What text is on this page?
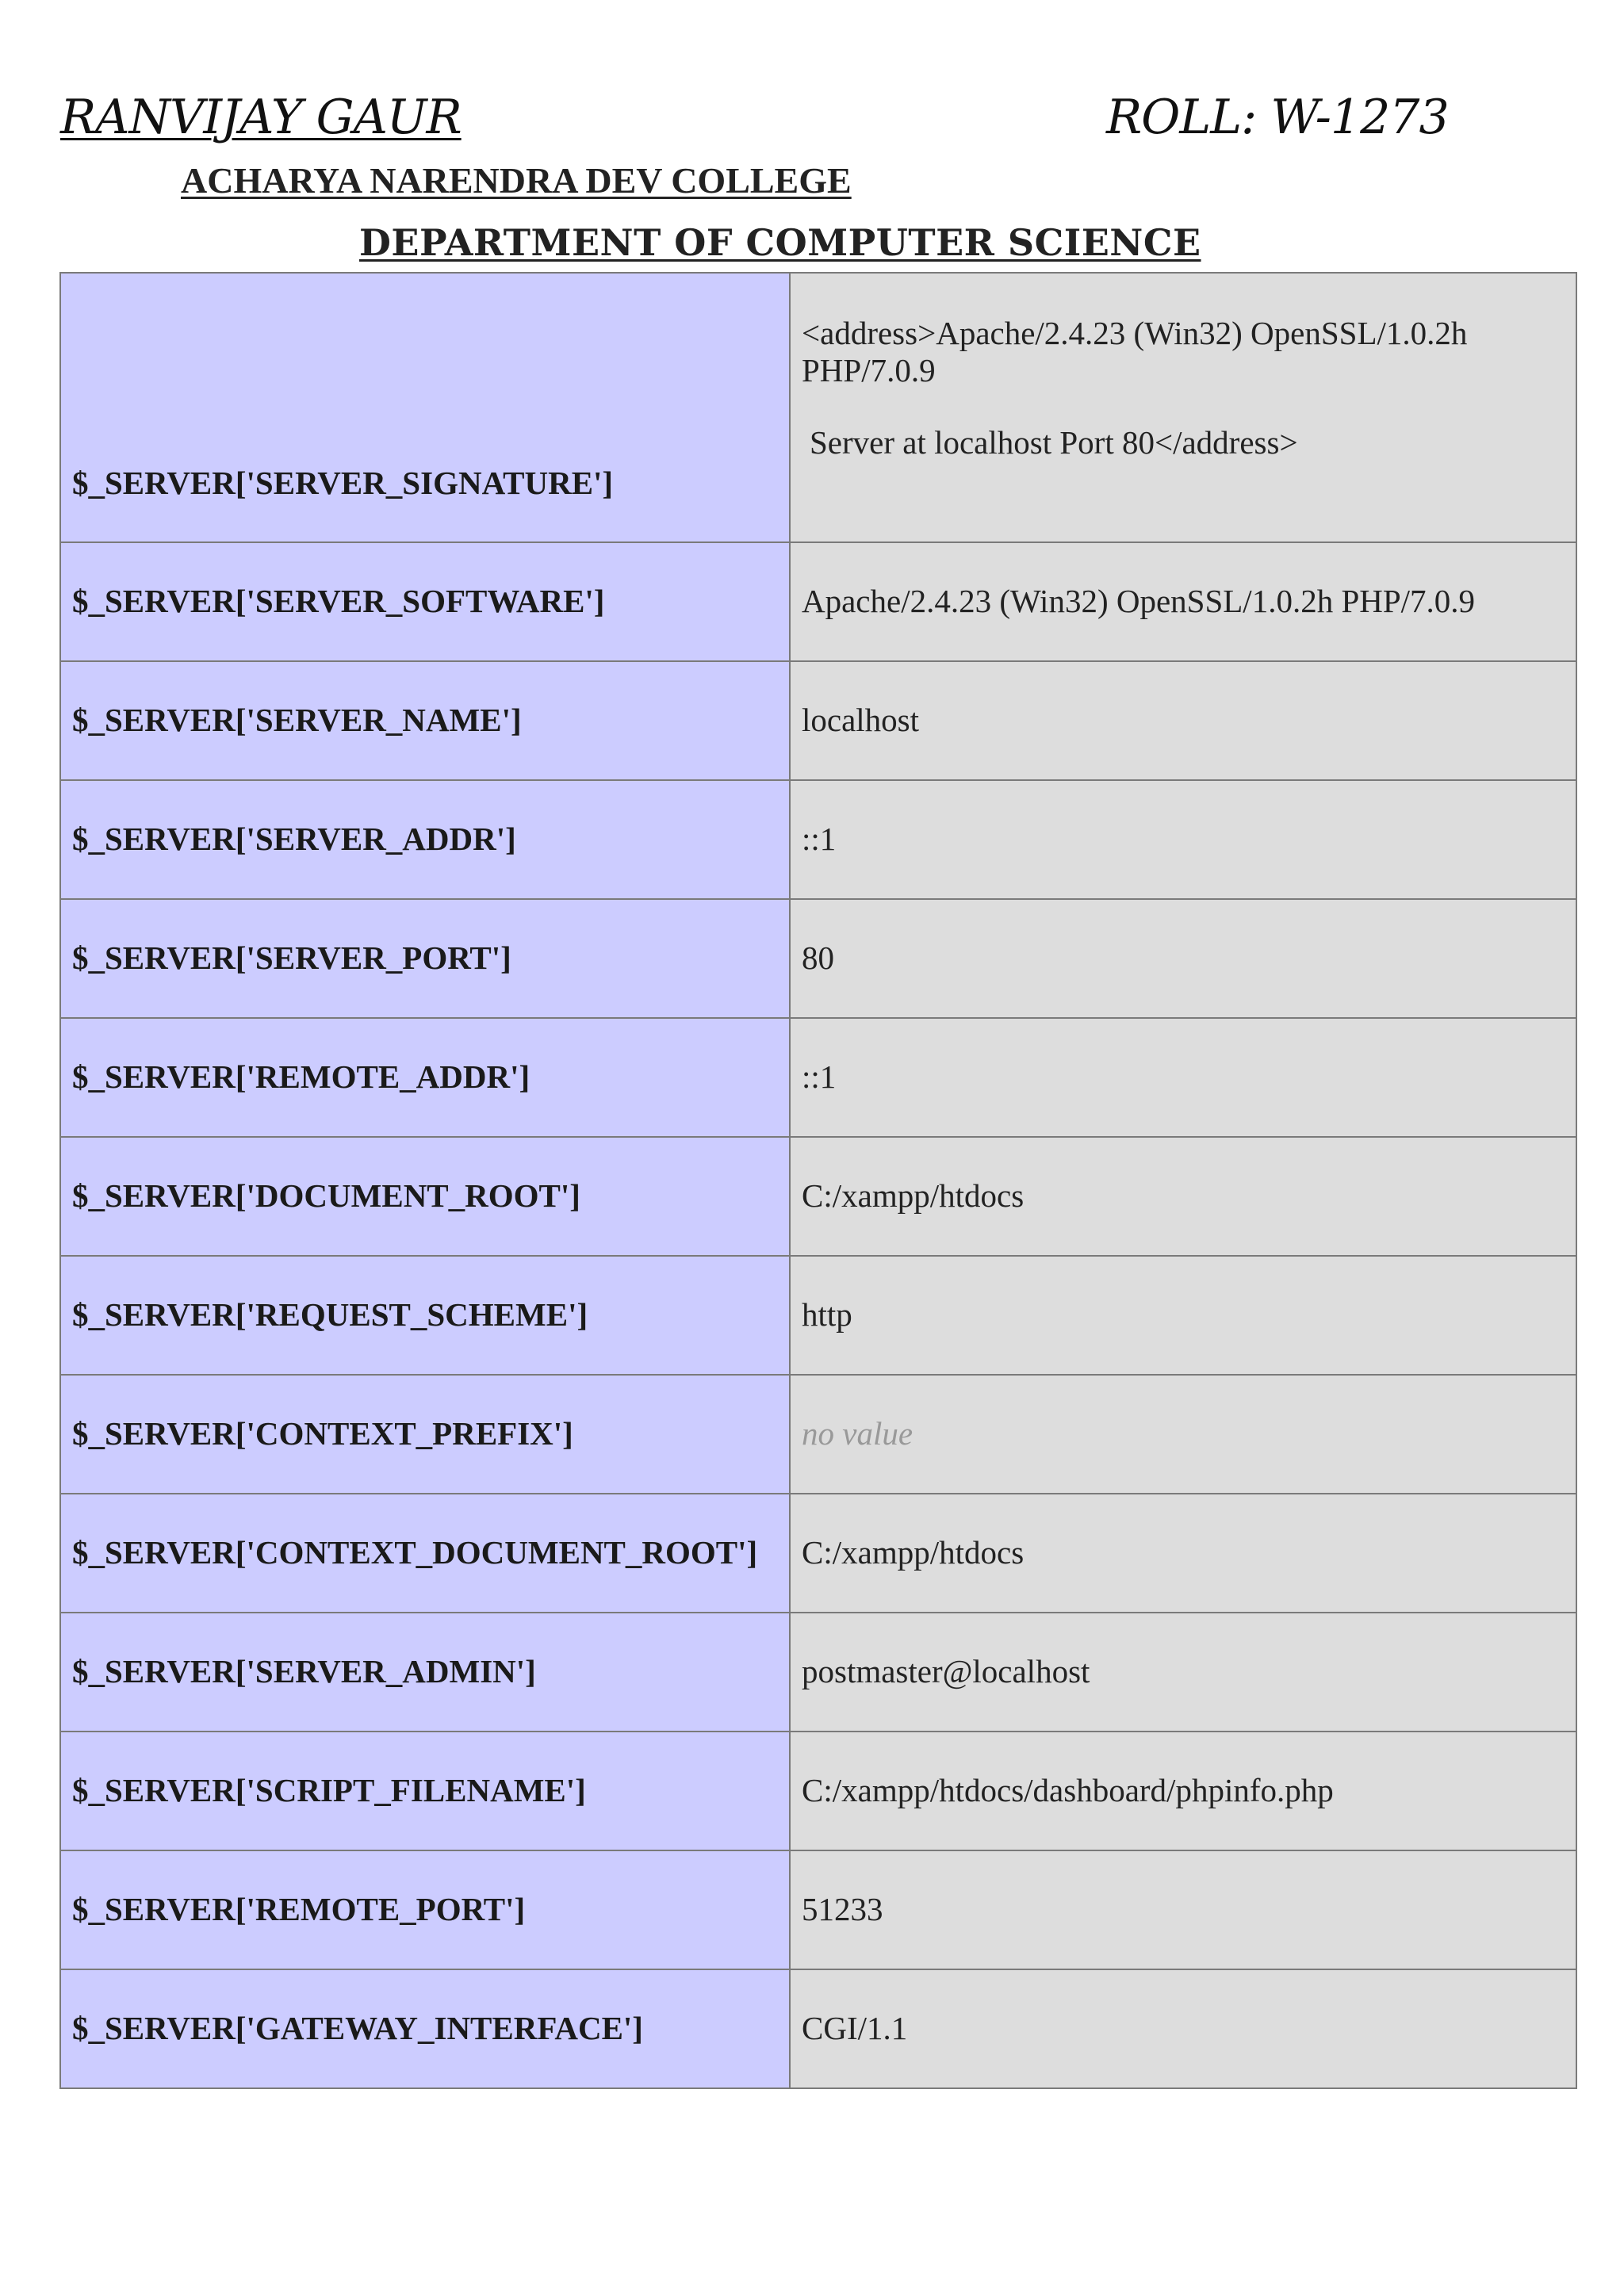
RANVIJAY GAUR	ROLL: W-1273
ACHARYA NARENDRA DEV COLLEGE
DEPARTMENT OF COMPUTER SCIENCE
$_SERVER['SERVER_SIGNATURE']	<address>Apache/2.4.23 (Win32) OpenSSL/1.0.2h PHP/7.0.9
Server at localhost Port 80</address>

$_SERVER['SERVER_SOFTWARE']	Apache/2.4.23 (Win32) OpenSSL/1.0.2h PHP/7.0.9
$_SERVER['SERVER_NAME']	localhost
$_SERVER['SERVER_ADDR']	::1
$_SERVER['SERVER_PORT']	80
$_SERVER['REMOTE_ADDR']	::1
$_SERVER['DOCUMENT_ROOT']	C:/xampp/htdocs
$_SERVER['REQUEST_SCHEME']	http
$_SERVER['CONTEXT_PREFIX']	no value
$_SERVER['CONTEXT_DOCUMENT_ROOT']	C:/xampp/htdocs
$_SERVER['SERVER_ADMIN']	postmaster@localhost
$_SERVER['SCRIPT_FILENAME']	C:/xampp/htdocs/dashboard/phpinfo.php
$_SERVER['REMOTE_PORT']	51233
$_SERVER['GATEWAY_INTERFACE']	CGI/1.1
